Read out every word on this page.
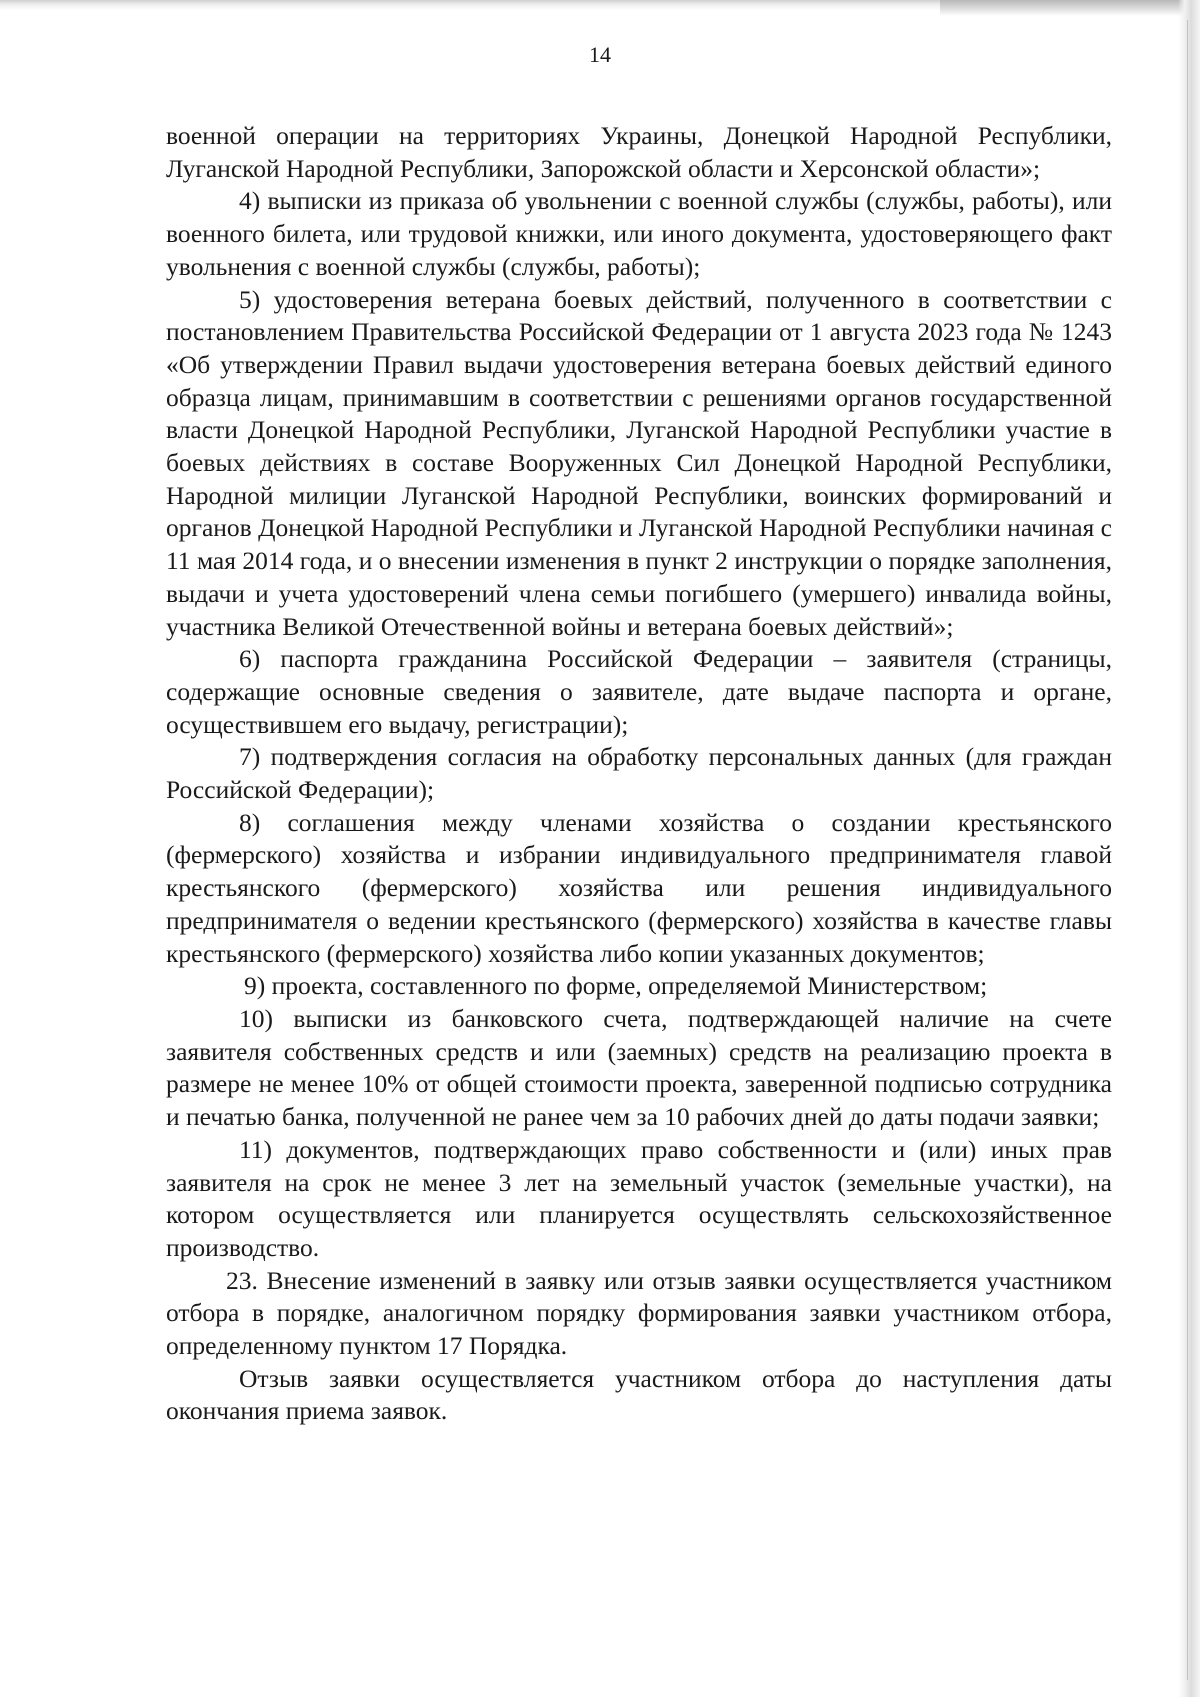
14

военной операции на территориях Украины, Донецкой Народной Республики, Луганской Народной Республики, Запорожской области и Херсонской области»;

4) выписки из приказа об увольнении с военной службы (службы, работы), или военного билета, или трудовой книжки, или иного документа, удостоверяющего факт увольнения с военной службы (службы, работы);

5) удостоверения ветерана боевых действий, полученного в соответствии с постановлением Правительства Российской Федерации от 1 августа 2023 года № 1243 «Об утверждении Правил выдачи удостоверения ветерана боевых действий единого образца лицам, принимавшим в соответствии с решениями органов государственной власти Донецкой Народной Республики, Луганской Народной Республики участие в боевых действиях в составе Вооруженных Сил Донецкой Народной Республики, Народной милиции Луганской Народной Республики, воинских формирований и органов Донецкой Народной Республики и Луганской Народной Республики начиная с 11 мая 2014 года, и о внесении изменения в пункт 2 инструкции о порядке заполнения, выдачи и учета удостоверений члена семьи погибшего (умершего) инвалида войны, участника Великой Отечественной войны и ветерана боевых действий»;

6) паспорта гражданина Российской Федерации – заявителя (страницы, содержащие основные сведения о заявителе, дате выдаче паспорта и органе, осуществившем его выдачу, регистрации);

7) подтверждения согласия на обработку персональных данных (для граждан Российской Федерации);

8) соглашения между членами хозяйства о создании крестьянского (фермерского) хозяйства и избрании индивидуального предпринимателя главой крестьянского (фермерского) хозяйства или решения индивидуального предпринимателя о ведении крестьянского (фермерского) хозяйства в качестве главы крестьянского (фермерского) хозяйства либо копии указанных документов;

9) проекта, составленного по форме, определяемой Министерством;

10) выписки из банковского счета, подтверждающей наличие на счете заявителя собственных средств и или (заемных) средств на реализацию проекта в размере не менее 10% от общей стоимости проекта, заверенной подписью сотрудника и печатью банка, полученной не ранее чем за 10 рабочих дней до даты подачи заявки;

11) документов, подтверждающих право собственности и (или) иных прав заявителя на срок не менее 3 лет на земельный участок (земельные участки), на котором осуществляется или планируется осуществлять сельскохозяйственное производство.

23. Внесение изменений в заявку или отзыв заявки осуществляется участником отбора в порядке, аналогичном порядку формирования заявки участником отбора, определенному пунктом 17 Порядка.

Отзыв заявки осуществляется участником отбора до наступления даты окончания приема заявок.
